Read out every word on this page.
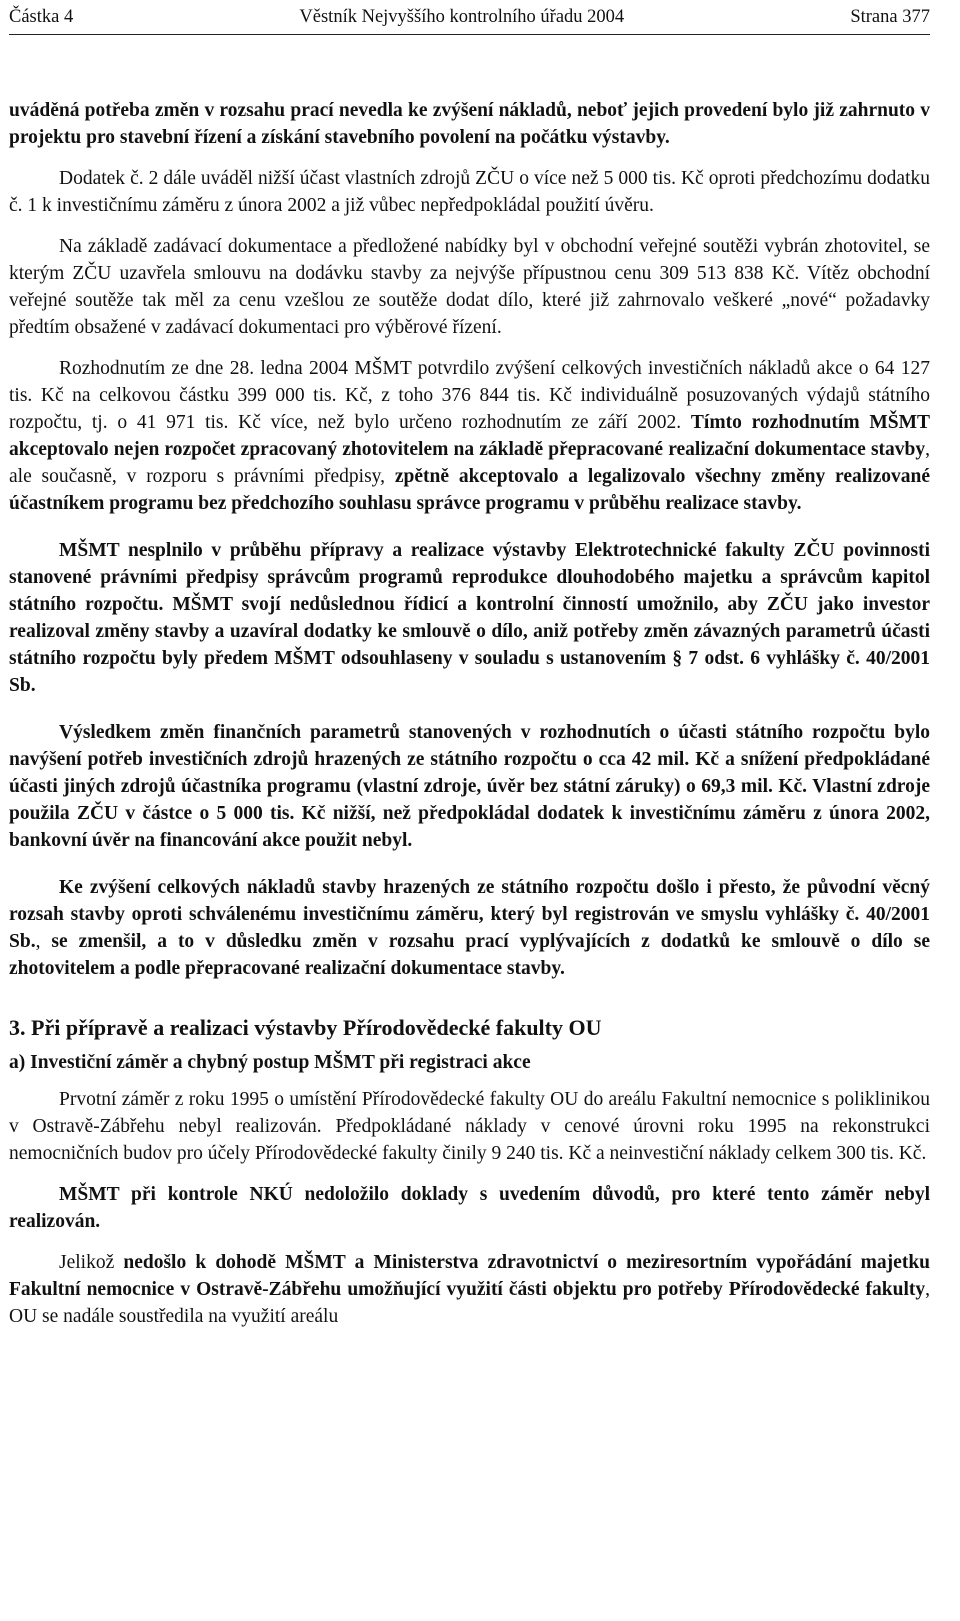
Částka 4	Věstník Nejvyššího kontrolního úřadu 2004	Strana 377

uváděná potřeba změn v rozsahu prací nevedla ke zvýšení nákladů, neboť jejich provedení bylo již zahrnuto v projektu pro stavební řízení a získání stavebního povolení na počátku výstavby.

Dodatek č. 2 dále uváděl nižší účast vlastních zdrojů ZČU o více než 5 000 tis. Kč oproti předchozímu dodatku č. 1 k investičnímu záměru z února 2002 a již vůbec nepředpokládal použití úvěru.

Na základě zadávací dokumentace a předložené nabídky byl v obchodní veřejné soutěži vybrán zhotovitel, se kterým ZČU uzavřela smlouvu na dodávku stavby za nejvýše přípustnou cenu 309 513 838 Kč. Vítěz obchodní veřejné soutěže tak měl za cenu vzešlou ze soutěže dodat dílo, které již zahrnovalo veškeré „nové“ požadavky předtím obsažené v zadávací dokumentaci pro výběrové řízení.

Rozhodnutím ze dne 28. ledna 2004 MŠMT potvrdilo zvýšení celkových investičních nákladů akce o 64 127 tis. Kč na celkovou částku 399 000 tis. Kč, z toho 376 844 tis. Kč individuálně posuzovaných výdajů státního rozpočtu, tj. o 41 971 tis. Kč více, než bylo určeno rozhodnutím ze září 2002. Tímto rozhodnutím MŠMT akceptovalo nejen rozpočet zpracovaný zhotovitelem na základě přepracované realizační dokumentace stavby, ale současně, v rozporu s právními předpisy, zpětně akceptovalo a legalizovalo všechny změny realizované účastníkem programu bez předchozího souhlasu správce programu v průběhu realizace stavby.

MŠMT nesplnilo v průběhu přípravy a realizace výstavby Elektrotechnické fakulty ZČU povinnosti stanovené právními předpisy správcům programů reprodukce dlouhodobého majetku a správcům kapitol státního rozpočtu. MŠMT svojí nedůslednou řídicí a kontrolní činností umožnilo, aby ZČU jako investor realizoval změny stavby a uzavíral dodatky ke smlouvě o dílo, aniž potřeby změn závazných parametrů účasti státního rozpočtu byly předem MŠMT odsouhlaseny v souladu s ustanovením § 7 odst. 6 vyhlášky č. 40/2001 Sb.

Výsledkem změn finančních parametrů stanovených v rozhodnutích o účasti státního rozpočtu bylo navýšení potřeb investičních zdrojů hrazených ze státního rozpočtu o cca 42 mil. Kč a snížení předpokládané účasti jiných zdrojů účastníka programu (vlastní zdroje, úvěr bez státní záruky) o 69,3 mil. Kč. Vlastní zdroje použila ZČU v částce o 5 000 tis. Kč nižší, než předpokládal dodatek k investičnímu záměru z února 2002, bankovní úvěr na financování akce použit nebyl.

Ke zvýšení celkových nákladů stavby hrazených ze státního rozpočtu došlo i přesto, že původní věcný rozsah stavby oproti schválenému investičnímu záměru, který byl registrován ve smyslu vyhlášky č. 40/2001 Sb., se zmenšil, a to v důsledku změn v rozsahu prací vyplývajících z dodatků ke smlouvě o dílo se zhotovitelem a podle přepracované realizační dokumentace stavby.

3. Při přípravě a realizaci výstavby Přírodovědecké fakulty OU
a) Investiční záměr a chybný postup MŠMT při registraci akce

Prvotní záměr z roku 1995 o umístění Přírodovědecké fakulty OU do areálu Fakultní nemocnice s poliklinikou v Ostravě-Zábřehu nebyl realizován. Předpokládané náklady v cenové úrovni roku 1995 na rekonstrukci nemocničních budov pro účely Přírodovědecké fakulty činily 9 240 tis. Kč a neinvestiční náklady celkem 300 tis. Kč.

MŠMT při kontrole NKÚ nedoložilo doklady s uvedením důvodů, pro které tento záměr nebyl realizován.

Jelikož nedošlo k dohodě MŠMT a Ministerstva zdravotnictví o meziresortním vypořádání majetku Fakultní nemocnice v Ostravě-Zábřehu umožňující využití části objektu pro potřeby Přírodovědecké fakulty, OU se nadále soustředila na využití areálu
